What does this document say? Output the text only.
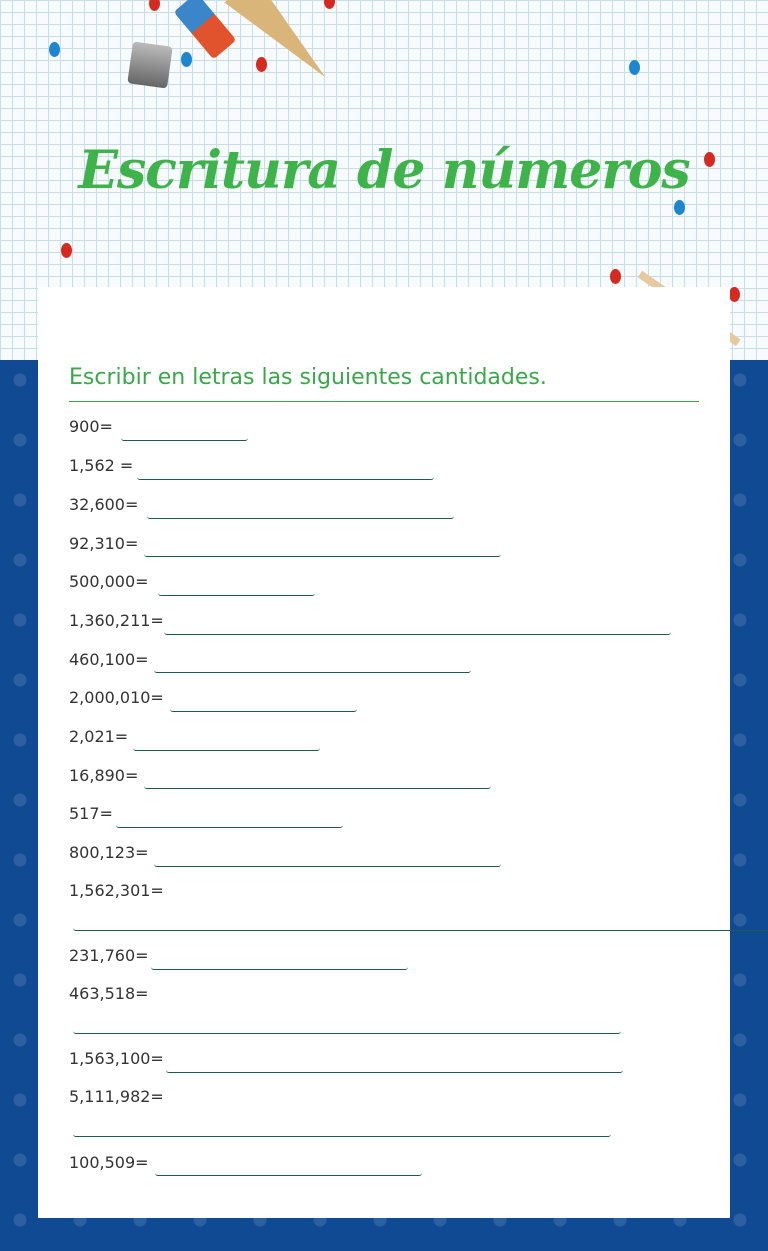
Escritura de números
Escribir en letras las siguientes cantidades.
900=
1,562 =
32,600=
92,310=
500,000=
1,360,211=
460,100=
2,000,010=
2,021=
16,890=
517=
800,123=
1,562,301=
231,760=
463,518=
1,563,100=
5,111,982=
100,509=
